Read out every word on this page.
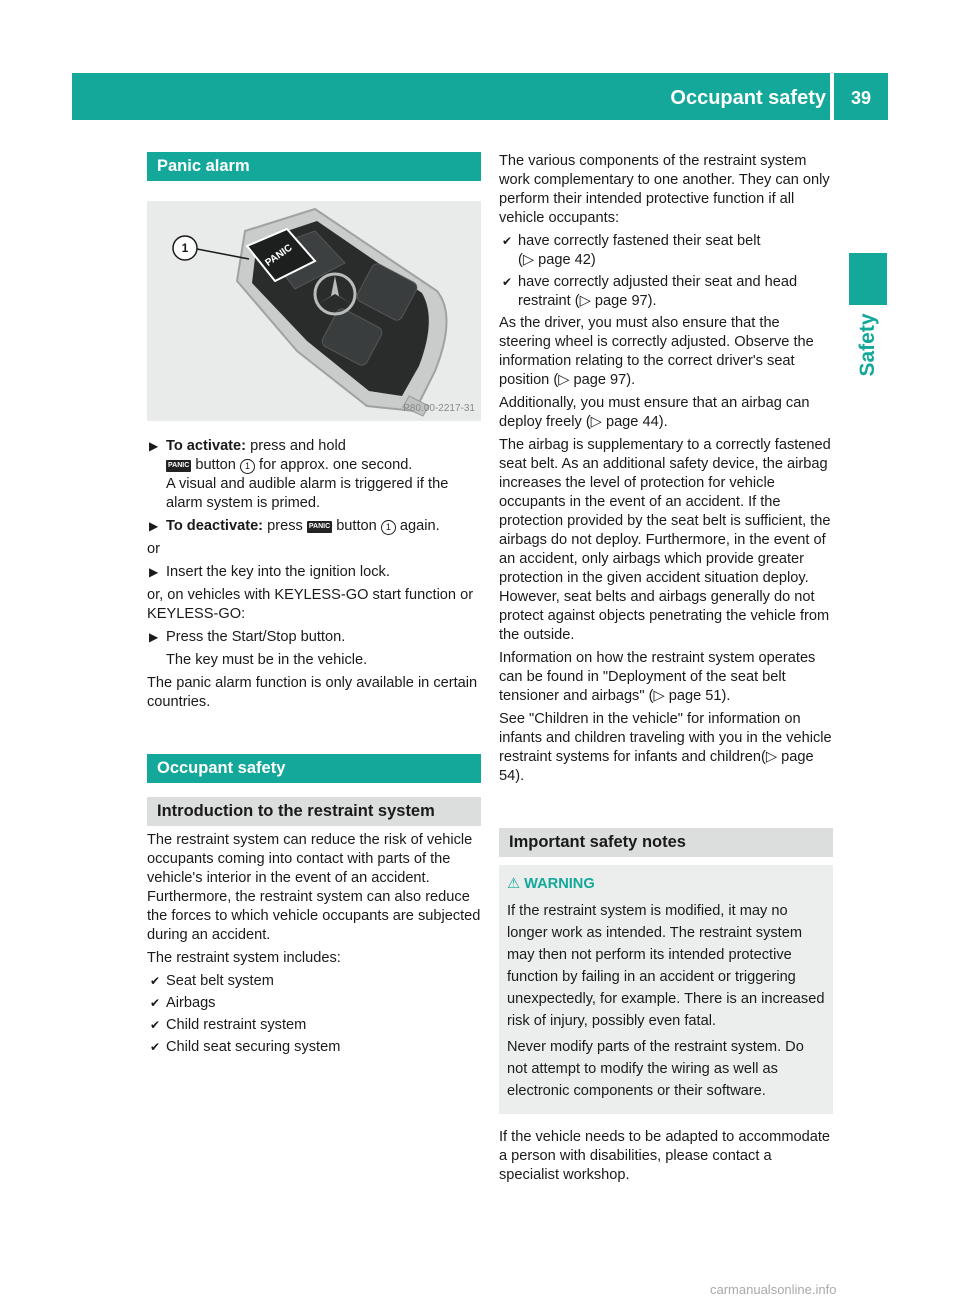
Occupant safety	39
Safety
Panic alarm
PANIC
1
P80.00-2217-31
▶ To activate: press and hold
PANIC button 1 for approx. one second.
A visual and audible alarm is triggered if the alarm system is primed.
▶ To deactivate: press PANIC button 1 again.

or

▶ Insert the key into the ignition lock.

or, on vehicles with KEYLESS-GO start function or KEYLESS-GO:

▶ Press the Start/Stop button.

The key must be in the vehicle.

The panic alarm function is only available in certain countries.

Occupant safety
Introduction to the restraint system

The restraint system can reduce the risk of vehicle occupants coming into contact with parts of the vehicle's interior in the event of an accident. Furthermore, the restraint system can also reduce the forces to which vehicle occupants are subjected during an accident.

The restraint system includes:

✔︎ Seat belt system
✔︎ Airbags
✔︎ Child restraint system
✔︎ Child seat securing system

The various components of the restraint system work complementary to one another. They can only perform their intended protective function if all vehicle occupants:

✔︎ have correctly fastened their seat belt
(▷ page 42)
✔︎ have correctly adjusted their seat and head restraint (▷ page 97).

As the driver, you must also ensure that the steering wheel is correctly adjusted. Observe the information relating to the correct driver's seat position (▷ page 97).

Additionally, you must ensure that an airbag can deploy freely (▷ page 44).

The airbag is supplementary to a correctly fastened seat belt. As an additional safety device, the airbag increases the level of protection for vehicle occupants in the event of an accident. If the protection provided by the seat belt is sufficient, the airbags do not deploy. Furthermore, in the event of an accident, only airbags which provide greater protection in the given accident situation deploy. However, seat belts and airbags generally do not protect against objects penetrating the vehicle from the outside.

Information on how the restraint system operates can be found in "Deployment of the seat belt tensioner and airbags" (▷ page 51).

See "Children in the vehicle" for information on infants and children traveling with you in the vehicle restraint systems for infants and children(▷ page 54).

Important safety notes
⚠︎ WARNING

If the restraint system is modified, it may no longer work as intended. The restraint system may then not perform its intended protective function by failing in an accident or triggering unexpectedly, for example. There is an increased risk of injury, possibly even fatal.

Never modify parts of the restraint system. Do not attempt to modify the wiring as well as electronic components or their software.

If the vehicle needs to be adapted to accommodate a person with disabilities, please contact a specialist workshop.

carmanualsonline.info
